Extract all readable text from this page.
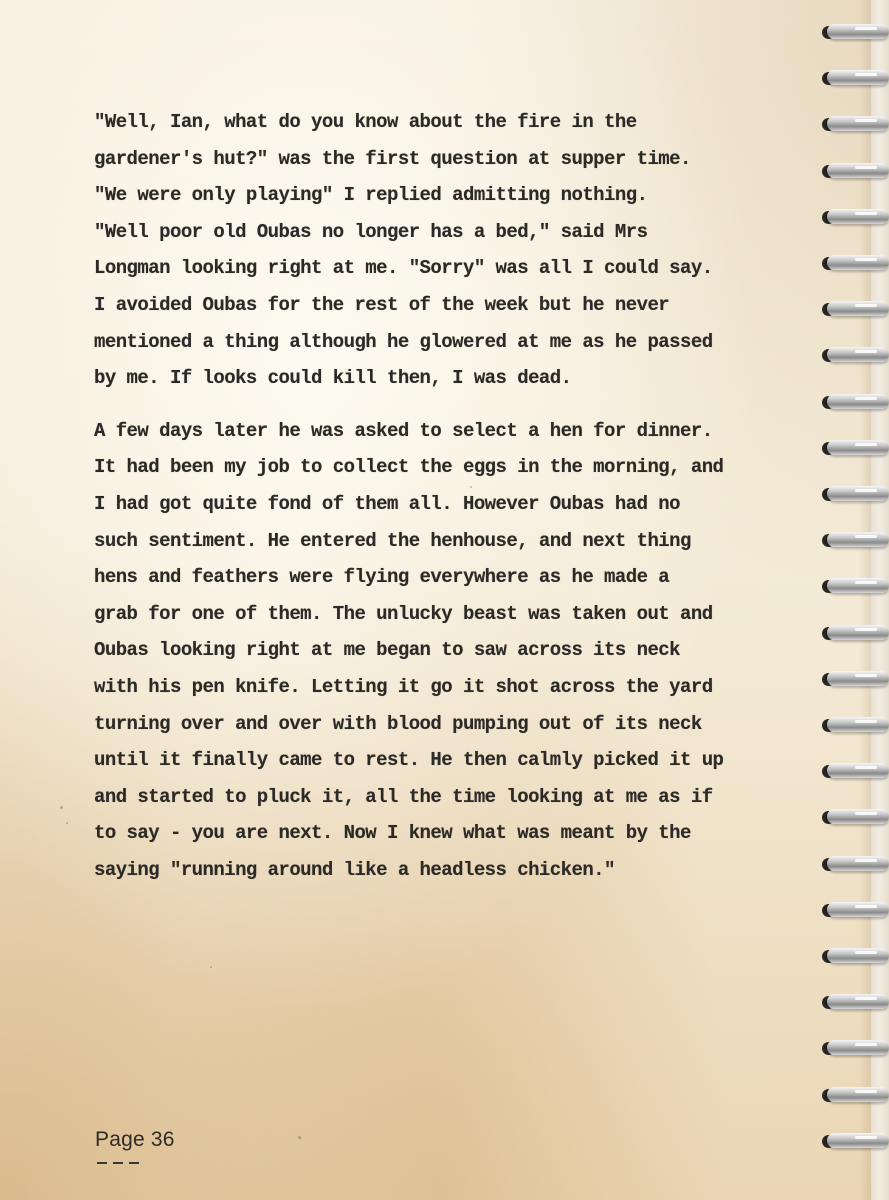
"Well, Ian, what do you know about the fire in the
gardener's hut?" was the first question at supper time.
"We were only playing" I replied admitting nothing.
"Well poor old Oubas no longer has a bed," said Mrs
Longman looking right at me. "Sorry" was all I could say.
I avoided Oubas for the rest of the week but he never
mentioned a thing although he glowered at me as he passed
by me. If looks could kill then, I was dead.
A few days later he was asked to select a hen for dinner.
It had been my job to collect the eggs in the morning, and
I had got quite fond of them all. However Oubas had no
such sentiment. He entered the henhouse, and next thing
hens and feathers were flying everywhere as he made a
grab for one of them. The unlucky beast was taken out and
Oubas looking right at me began to saw across its neck
with his pen knife. Letting it go it shot across the yard
turning over and over with blood pumping out of its neck
until it finally came to rest. He then calmly picked it up
and started to pluck it, all the time looking at me as if
to say - you are next. Now I knew what was meant by the
saying "running around like a headless chicken."
Page 36
